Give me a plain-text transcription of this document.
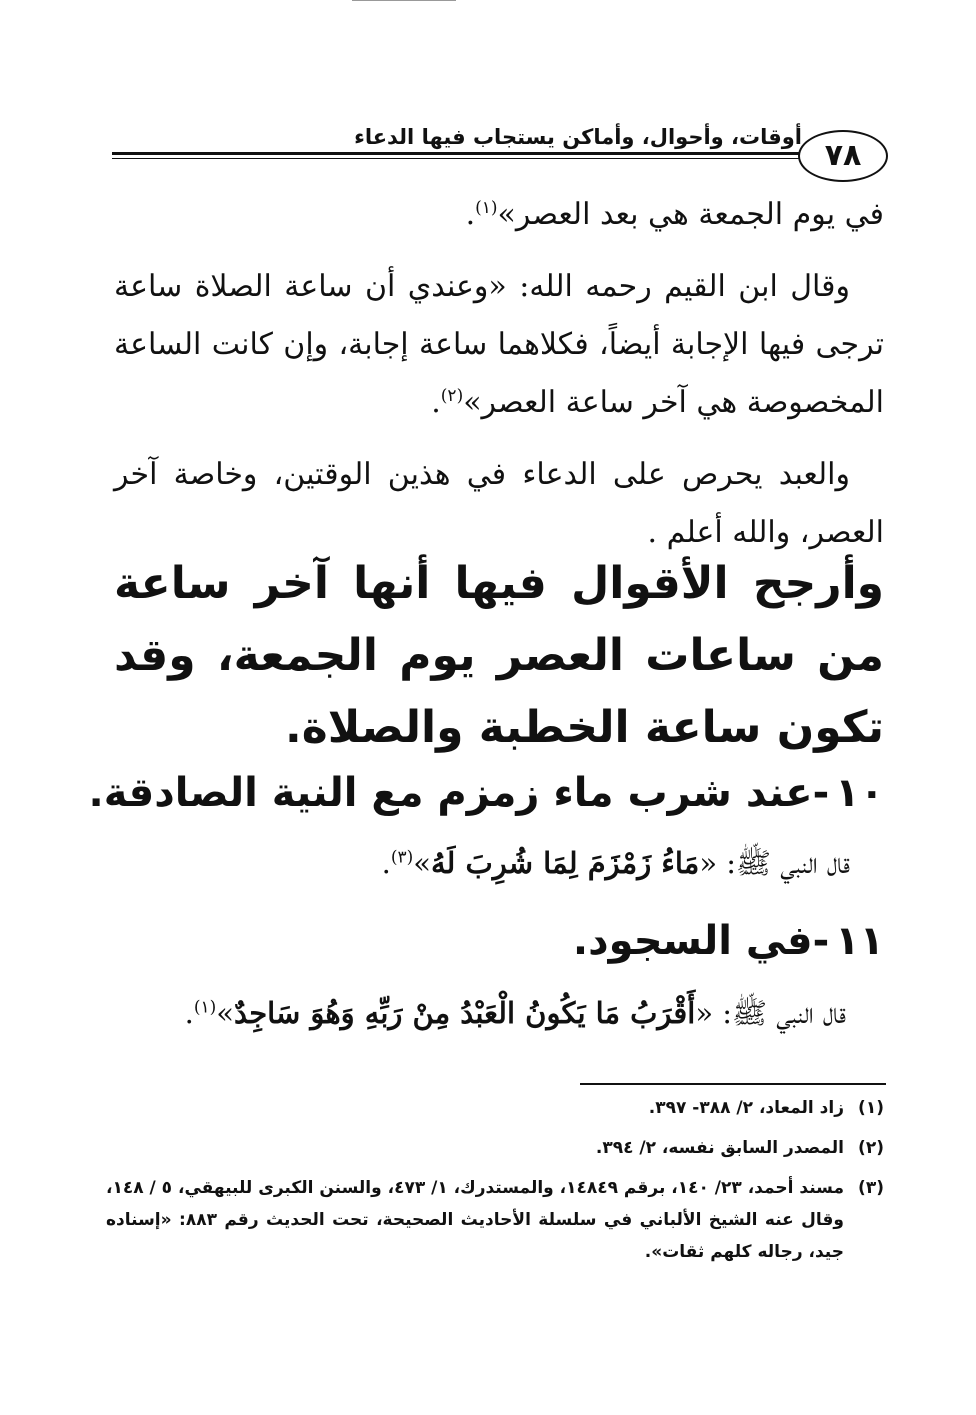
أوقات، وأحوال، وأماكن يستجاب فيها الدعاء
٧٨

في يوم الجمعة هي بعد العصر»$^{(١)}$.

وقال ابن القيم رحمه الله: «وعندي أن ساعة الصلاة ساعة ترجى فيها الإجابة أيضاً، فكلاهما ساعة إجابة، وإن كانت الساعة المخصوصة هي آخر ساعة العصر»$^{(٢)}$.

والعبد يحرص على الدعاء في هذين الوقتين، وخاصة آخر العصر، والله أعلم .

وأرجح الأقوال فيها أنها آخر ساعة من ساعات العصر يوم الجمعة، وقد تكون ساعة الخطبة والصلاة.

١٠-عند شرب ماء زمزم مع النية الصادقة.

قال النبي ﷺ: «مَاءُ زَمْزَمَ لِمَا شُرِبَ لَهُ»$^{(٣)}$.

١١-في السجود.

قال النبي ﷺ: «أَقْرَبُ مَا يَكُونُ الْعَبْدُ مِنْ رَبِّهِ وَهُوَ سَاجِدٌ»$^{(١)}$.

(١)
زاد المعاد، ٢/ ٣٨٨- ٣٩٧.
(٢)
المصدر السابق نفسه، ٢/ ٣٩٤.
(٣)
مسند أحمد، ٢٣/ ١٤٠، برقم ١٤٨٤٩، والمستدرك، ١/ ٤٧٣، والسنن الكبرى للبيهقي، ٥ / ١٤٨، وقال عنه الشيخ الألباني في سلسلة الأحاديث الصحيحة، تحت الحديث رقم ٨٨٣: «إسناده جيد، رجاله كلهم ثقات».
